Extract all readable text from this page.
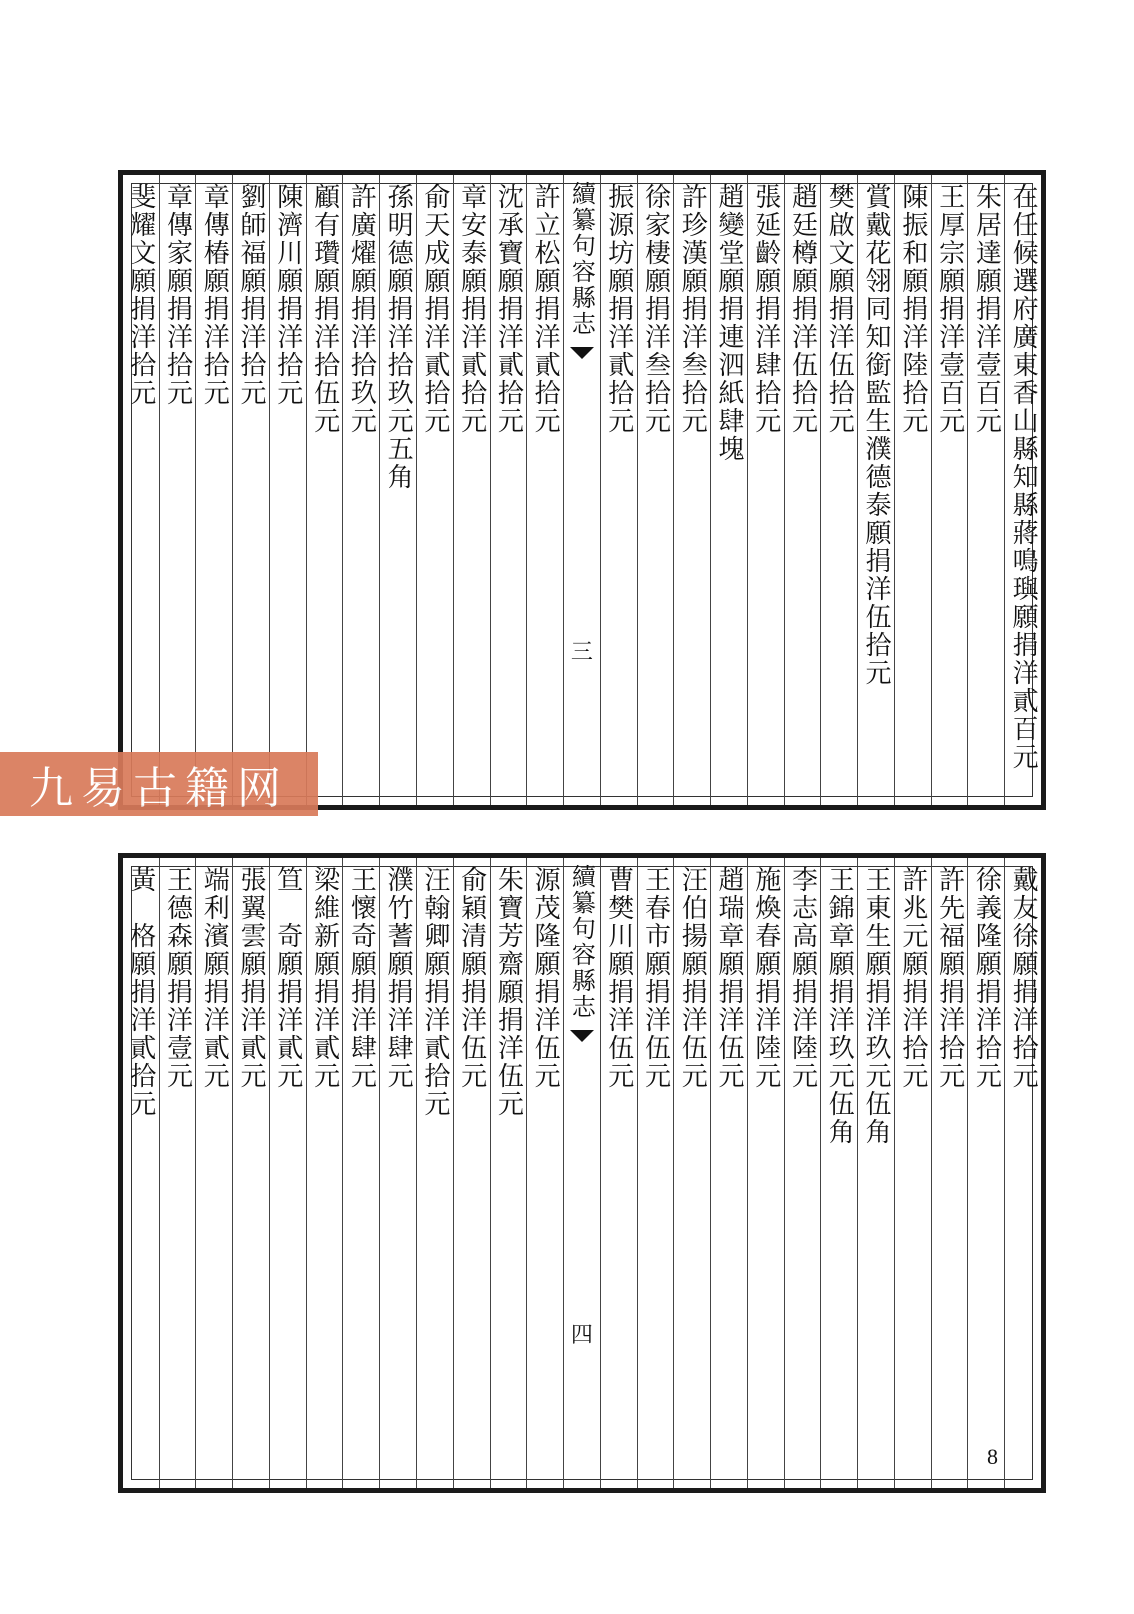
在任候選府廣東香山縣知縣蔣鳴璵願捐洋貳百元
朱居達願捐洋壹百元
王厚宗願捐洋壹百元
陳振和願捐洋陸拾元
賞戴花翎同知銜監生濮德泰願捐洋伍拾元
樊啟文願捐洋伍拾元
趙廷樽願捐洋伍拾元
張延齡願捐洋肆拾元
趙變堂願捐連泗紙肆塊
許珍漢願捐洋叁拾元
徐家棲願捐洋叁拾元
振源坊願捐洋貳拾元
續纂句容縣志
三
許立松願捐洋貳拾元
沈承寶願捐洋貳拾元
章安泰願捐洋貳拾元
俞天成願捐洋貳拾元
孫明德願捐洋拾玖元五角
許廣燿願捐洋拾玖元
顧有瓚願捐洋拾伍元
陳濟川願捐洋拾元
劉師福願捐洋拾元
章傳椿願捐洋拾元
章傳家願捐洋拾元
斐耀文願捐洋拾元
戴友徐願捐洋拾元
徐義隆願捐洋拾元
許先福願捐洋拾元
許兆元願捐洋拾元
王東生願捐洋玖元伍角
王錦章願捐洋玖元伍角
李志高願捐洋陸元
施煥春願捐洋陸元
趙瑞章願捐洋伍元
汪伯揚願捐洋伍元
王春市願捐洋伍元
曹樊川願捐洋伍元
續纂句容縣志
四
源茂隆願捐洋伍元
朱寶芳齋願捐洋伍元
俞穎清願捐洋伍元
汪翰卿願捐洋貳拾元
濮竹蓍願捐洋肆元
王懷奇願捐洋肆元
梁維新願捐洋貳元
笪　奇願捐洋貳元
張翼雲願捐洋貳元
端利濱願捐洋貳元
王德森願捐洋壹元
黃　格願捐洋貳拾元
九易古籍网
8
